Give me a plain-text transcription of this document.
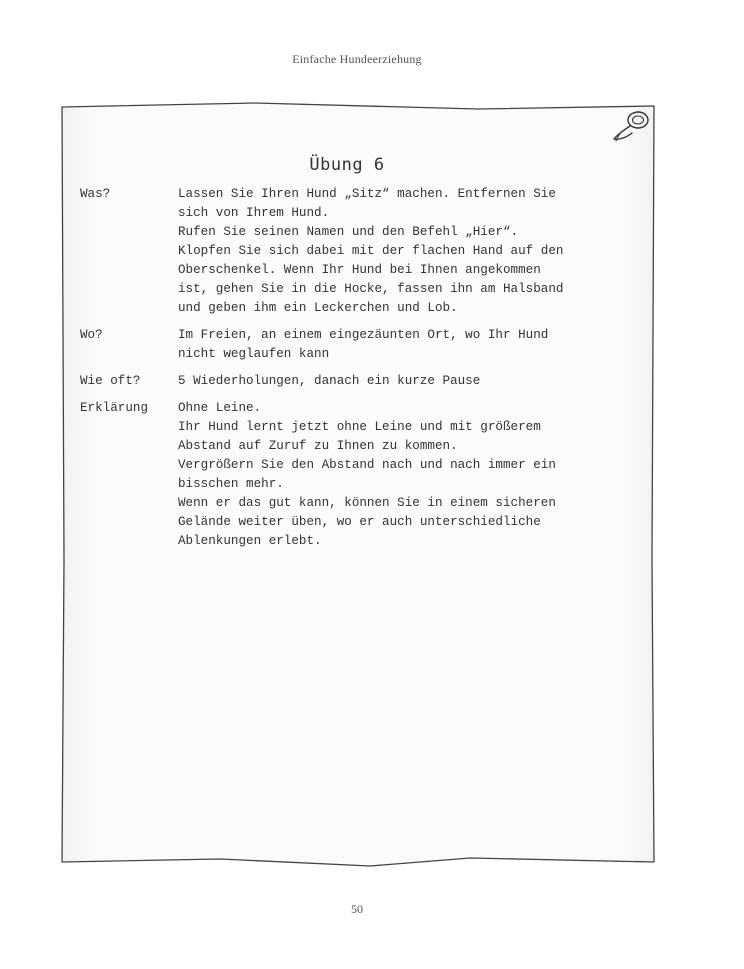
Einfache Hundeerziehung
Übung 6
Was?	Lassen Sie Ihren Hund „Sitz“ machen. Entfernen Sie
sich von Ihrem Hund.
Rufen Sie seinen Namen und den Befehl „Hier“.
Klopfen Sie sich dabei mit der flachen Hand auf den
Oberschenkel. Wenn Ihr Hund bei Ihnen angekommen
ist, gehen Sie in die Hocke, fassen ihn am Halsband
und geben ihm ein Leckerchen und Lob.
Wo?	Im Freien, an einem eingezäunten Ort, wo Ihr Hund
nicht weglaufen kann
Wie oft?	5 Wiederholungen, danach ein kurze Pause
Erklärung	Ohne Leine.
Ihr Hund lernt jetzt ohne Leine und mit größerem
Abstand auf Zuruf zu Ihnen zu kommen.
Vergrößern Sie den Abstand nach und nach immer ein
bisschen mehr.
Wenn er das gut kann, können Sie in einem sicheren
Gelände weiter üben, wo er auch unterschiedliche
Ablenkungen erlebt.
50
